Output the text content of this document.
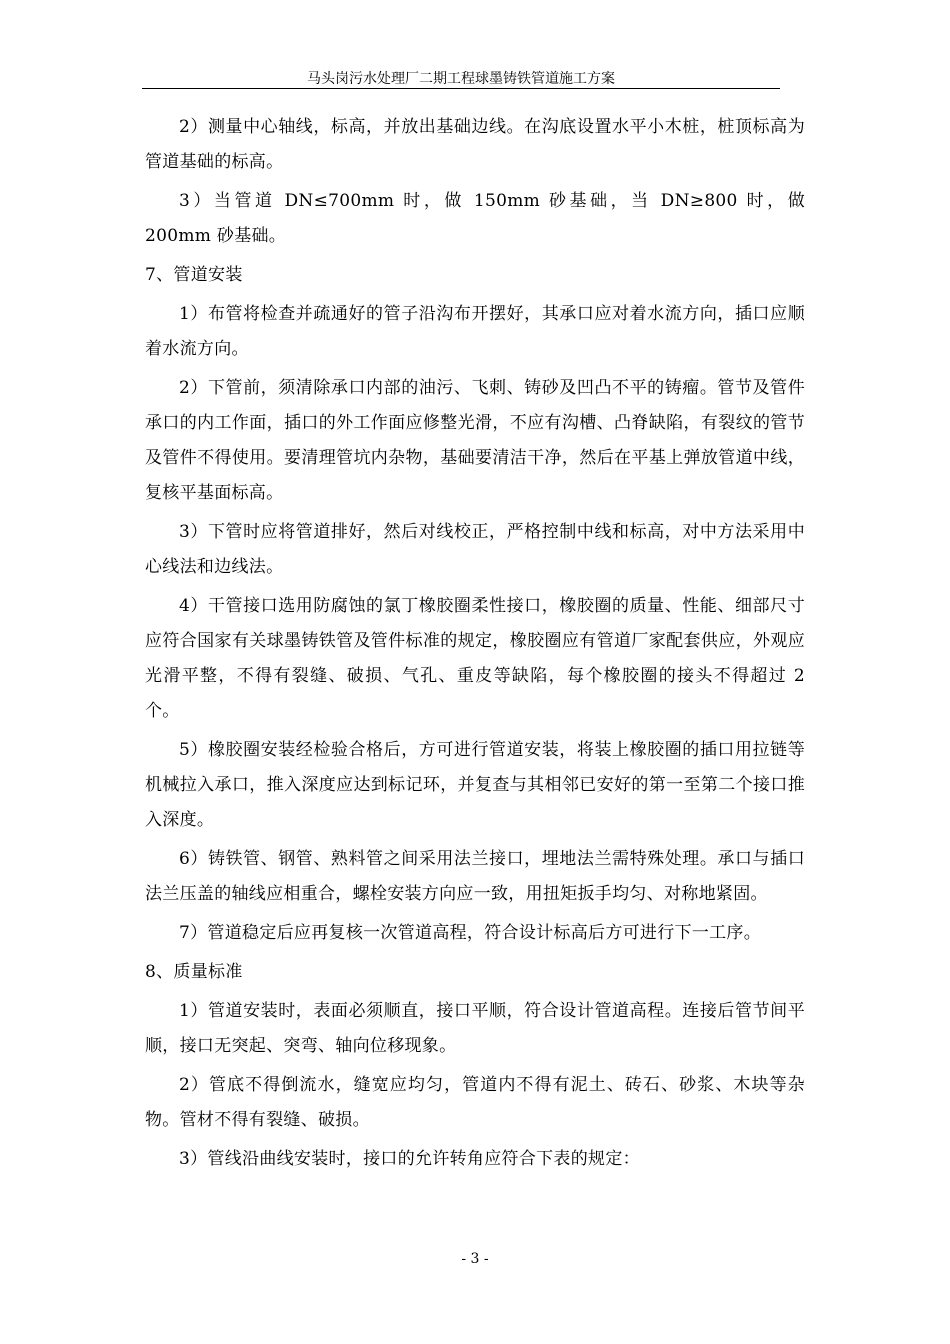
马头岗污水处理厂二期工程球墨铸铁管道施工方案

2）测量中心轴线，标高，并放出基础边线。在沟底设置水平小木桩，桩顶标高为管道基础的标高。

3）当管道 DN≤700mm 时，做 150mm 砂基础，当 DN≥800 时，做 200mm 砂基础。

7、管道安装

1）布管将检查并疏通好的管子沿沟布开摆好，其承口应对着水流方向，插口应顺着水流方向。

2）下管前，须清除承口内部的油污、飞刺、铸砂及凹凸不平的铸瘤。管节及管件承口的内工作面，插口的外工作面应修整光滑，不应有沟槽、凸脊缺陷，有裂纹的管节及管件不得使用。要清理管坑内杂物，基础要清洁干净，然后在平基上弹放管道中线，复核平基面标高。

3）下管时应将管道排好，然后对线校正，严格控制中线和标高，对中方法采用中心线法和边线法。

4）干管接口选用防腐蚀的氯丁橡胶圈柔性接口，橡胶圈的质量、性能、细部尺寸应符合国家有关球墨铸铁管及管件标准的规定，橡胶圈应有管道厂家配套供应，外观应光滑平整，不得有裂缝、破损、气孔、重皮等缺陷，每个橡胶圈的接头不得超过 2 个。

5）橡胶圈安装经检验合格后，方可进行管道安装，将装上橡胶圈的插口用拉链等机械拉入承口，推入深度应达到标记环，并复查与其相邻已安好的第一至第二个接口推入深度。

6）铸铁管、钢管、熟料管之间采用法兰接口，埋地法兰需特殊处理。承口与插口法兰压盖的轴线应相重合，螺栓安装方向应一致，用扭矩扳手均匀、对称地紧固。

7）管道稳定后应再复核一次管道高程，符合设计标高后方可进行下一工序。

8、质量标准

1）管道安装时，表面必须顺直，接口平顺，符合设计管道高程。连接后管节间平顺，接口无突起、突弯、轴向位移现象。

2）管底不得倒流水，缝宽应均匀，管道内不得有泥土、砖石、砂浆、木块等杂物。管材不得有裂缝、破损。

3）管线沿曲线安装时，接口的允许转角应符合下表的规定：

- 3 -
